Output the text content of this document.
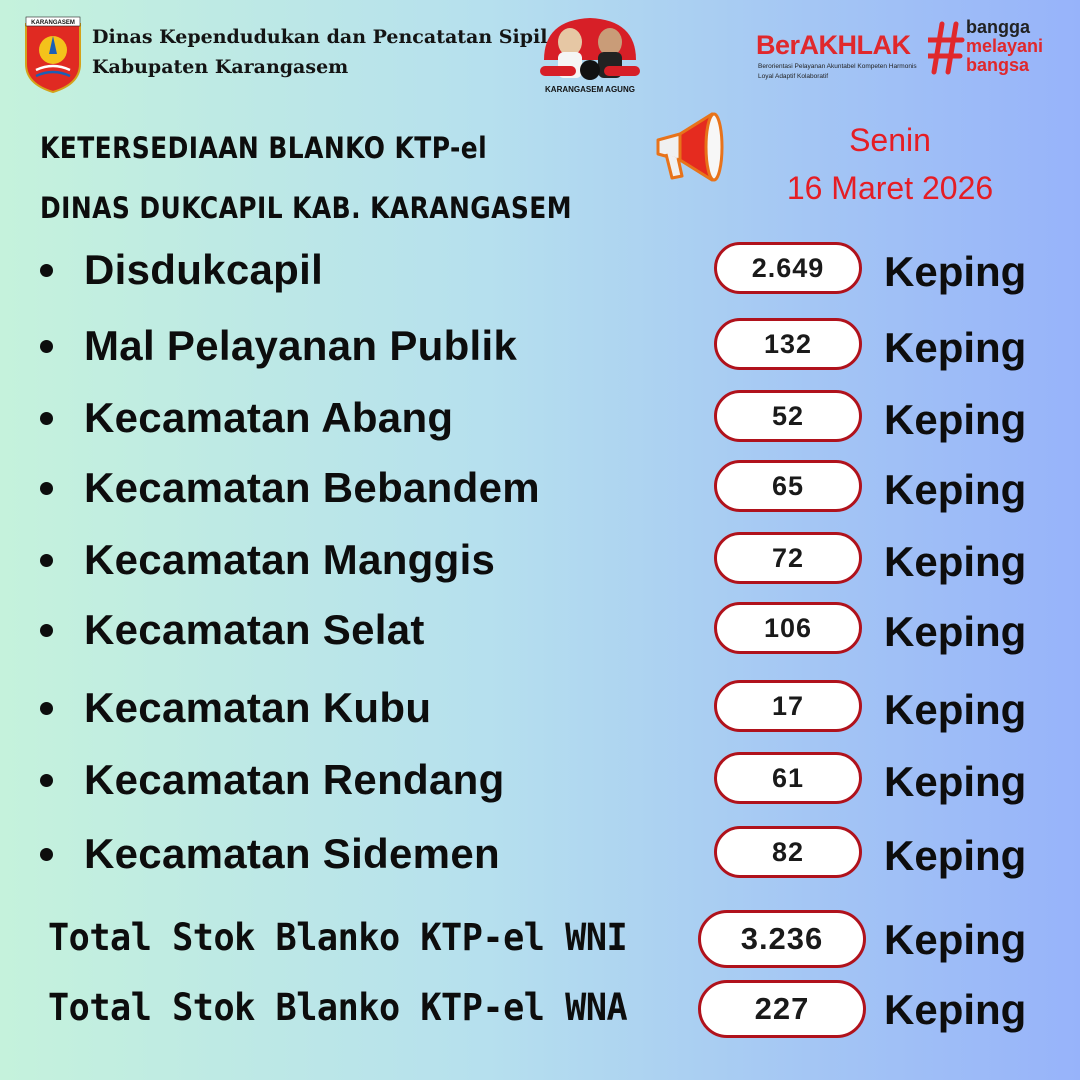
KARANGASEM
Dinas Kependudukan dan Pencatatan Sipil
Kabupaten Karangasem
KARANGASEM AGUNG
BerAKHLAK
Berorientasi Pelayanan Akuntabel Kompeten Harmonis Loyal Adaptif Kolaboratif
bangga
melayani
bangsa
KETERSEDIAAN BLANKO KTP-el
DINAS DUKCAPIL KAB. KARANGASEM
Senin
16 Maret 2026
Disdukcapil	2.649	Keping
Mal Pelayanan Publik	132	Keping
Kecamatan Abang	52	Keping
Kecamatan Bebandem	65	Keping
Kecamatan Manggis	72	Keping
Kecamatan Selat	106	Keping
Kecamatan Kubu	17	Keping
Kecamatan Rendang	61	Keping
Kecamatan Sidemen	82	Keping
Total Stok Blanko KTP-el WNI	3.236	Keping
Total Stok Blanko KTP-el WNA	227	Keping
